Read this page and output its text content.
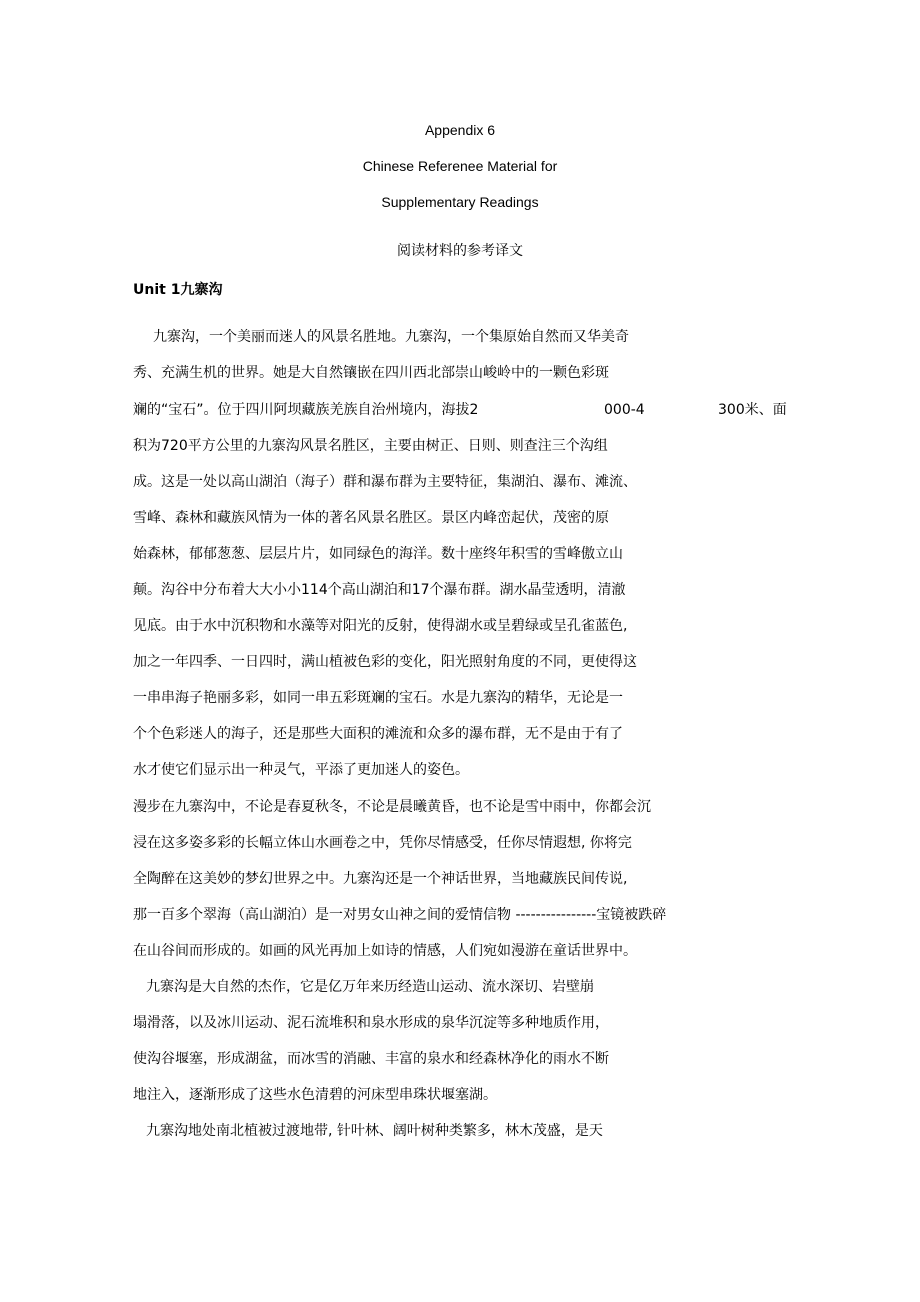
Appendix 6
Chinese Referenee Material for
Supplementary Readings
阅读材料的参考译文
Unit 1九寨沟
九寨沟，一个美丽而迷人的风景名胜地。九寨沟，一个集原始自然而又华美奇
秀、充满生机的世界。她是大自然镶嵌在四川西北部崇山峻岭中的一颗色彩斑
斓的“宝石”。位于四川阿坝藏族羌族自治州境内，海拔2	000-4	300米、面
积为720平方公里的九寨沟风景名胜区，主要由树正、日则、则查注三个沟组
成。这是一处以高山湖泊（海子）群和瀑布群为主要特征，集湖泊、瀑布、滩流、
雪峰、森林和藏族风情为一体的著名风景名胜区。景区内峰峦起伏，茂密的原
始森林，郁郁葱葱、层层片片，如同绿色的海洋。数十座终年积雪的雪峰傲立山
颠。沟谷中分布着大大小小114个高山湖泊和17个瀑布群。湖水晶莹透明，清澈
见底。由于水中沉积物和水藻等对阳光的反射，使得湖水或呈碧绿或呈孔雀蓝色,
加之一年四季、一日四时，满山植被色彩的变化，阳光照射角度的不同，更使得这
一串串海子艳丽多彩，如同一串五彩斑斓的宝石。水是九寨沟的精华，无论是一
个个色彩迷人的海子，还是那些大面积的滩流和众多的瀑布群，无不是由于有了
水才使它们显示出一种灵气，平添了更加迷人的姿色。
漫步在九寨沟中，不论是春夏秋冬，不论是晨曦黄昏，也不论是雪中雨中，你都会沉
浸在这多姿多彩的长幅立体山水画卷之中，凭你尽情感受，任你尽情遐想, 你将完
全陶醉在这美妙的梦幻世界之中。九寨沟还是一个神话世界，当地藏族民间传说,
那一百多个翠海（高山湖泊）是一对男女山神之间的爱情信物 ----------------宝镜被跌碎
在山谷间而形成的。如画的风光再加上如诗的情感，人们宛如漫游在童话世界中。
九寨沟是大自然的杰作，它是亿万年来历经造山运动、流水深切、岩壁崩
塌滑落，以及冰川运动、泥石流堆积和泉水形成的泉华沉淀等多种地质作用，
使沟谷堰塞，形成湖盆，而冰雪的消融、丰富的泉水和经森林净化的雨水不断
地注入，逐渐形成了这些水色清碧的河床型串珠状堰塞湖。
九寨沟地处南北植被过渡地带, 针叶林、阔叶树种类繁多，林木茂盛，是天
